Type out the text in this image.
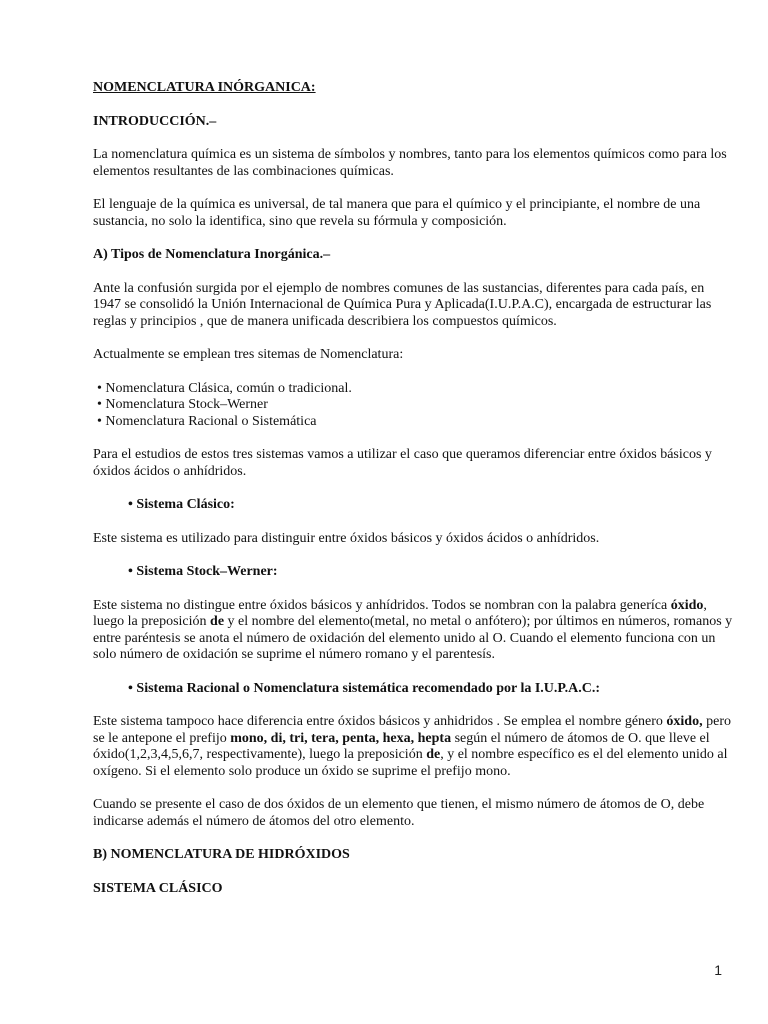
NOMENCLATURA INÓRGANICA:

INTRODUCCIÓN.–

La nomenclatura química es un sistema de símbolos y nombres, tanto para los elementos químicos como para los elementos resultantes de las combinaciones químicas.

El lenguaje de la química es universal, de tal manera que para el químico y el principiante, el nombre de una sustancia, no solo la identifica, sino que revela su fórmula y composición.

A) Tipos de Nomenclatura Inorgánica.–

Ante la confusión surgida por el ejemplo de nombres comunes de las sustancias, diferentes para cada país, en 1947 se consolidó la Unión Internacional de Química Pura y Aplicada(I.U.P.A.C), encargada de estructurar las reglas y principios , que de manera unificada describiera los compuestos químicos.

Actualmente se emplean tres sitemas de Nomenclatura:

• Nomenclatura Clásica, común o tradicional.
• Nomenclatura Stock–Werner
• Nomenclatura Racional o Sistemática

Para el estudios de estos tres sistemas vamos a utilizar el caso que queramos diferenciar entre óxidos básicos y óxidos ácidos o anhídridos.

• Sistema Clásico:

Este sistema es utilizado para distinguir entre óxidos básicos y óxidos ácidos o anhídridos.

• Sistema Stock–Werner:

Este sistema no distingue entre óxidos básicos y anhídridos. Todos se nombran con la palabra generíca óxido, luego la preposición de y el nombre del elemento(metal, no metal o anfótero); por últimos en números, romanos y entre paréntesis se anota el número de oxidación del elemento unido al O. Cuando el elemento funciona con un solo número de oxidación se suprime el número romano y el parentesís.

• Sistema Racional o Nomenclatura sistemática recomendado por la I.U.P.A.C.:

Este sistema tampoco hace diferencia entre óxidos básicos y anhidridos . Se emplea el nombre género óxido, pero se le antepone el prefijo mono, di, tri, tera, penta, hexa, hepta según el número de átomos de O. que lleve el óxido(1,2,3,4,5,6,7, respectivamente), luego la preposición de, y el nombre específico es el del elemento unido al oxígeno. Si el elemento solo produce un óxido se suprime el prefijo mono.

Cuando se presente el caso de dos óxidos de un elemento que tienen, el mismo número de átomos de O, debe indicarse además el número de átomos del otro elemento.

B) NOMENCLATURA DE HIDRÓXIDOS

SISTEMA CLÁSICO

1
